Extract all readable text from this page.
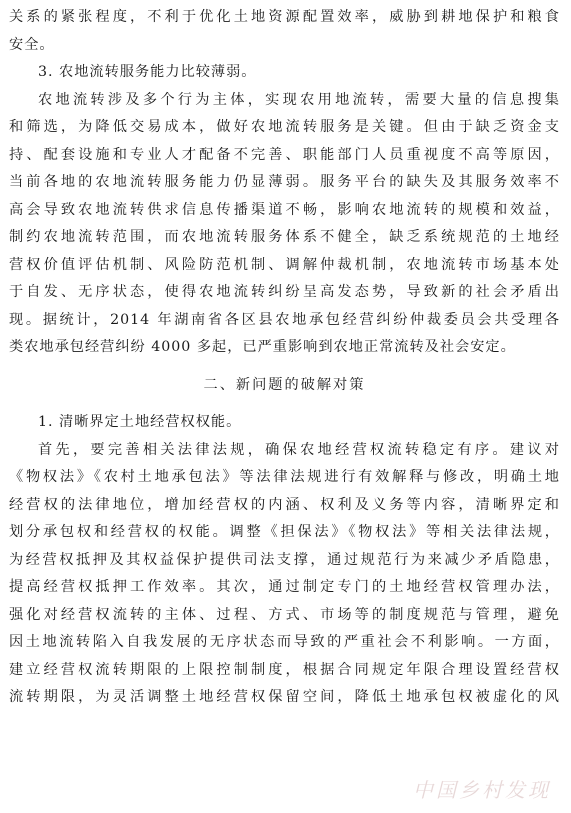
关系的紧张程度，不利于优化土地资源配置效率，威胁到耕地保护和粮食
安全。
3. 农地流转服务能力比较薄弱。
农地流转涉及多个行为主体，实现农用地流转，需要大量的信息搜集
和筛选，为降低交易成本，做好农地流转服务是关键。但由于缺乏资金支
持、配套设施和专业人才配备不完善、职能部门人员重视度不高等原因，
当前各地的农地流转服务能力仍显薄弱。服务平台的缺失及其服务效率不
高会导致农地流转供求信息传播渠道不畅，影响农地流转的规模和效益，
制约农地流转范围，而农地流转服务体系不健全，缺乏系统规范的土地经
营权价值评估机制、风险防范机制、调解仲裁机制，农地流转市场基本处
于自发、无序状态，使得农地流转纠纷呈高发态势，导致新的社会矛盾出
现。据统计，2014 年湖南省各区县农地承包经营纠纷仲裁委员会共受理各
类农地承包经营纠纷 4000 多起，已严重影响到农地正常流转及社会安定。
二、新问题的破解对策
1. 清晰界定土地经营权权能。
首先，要完善相关法律法规，确保农地经营权流转稳定有序。建议对
《物权法》《农村土地承包法》等法律法规进行有效解释与修改，明确土地
经营权的法律地位，增加经营权的内涵、权利及义务等内容，清晰界定和
划分承包权和经营权的权能。调整《担保法》《物权法》等相关法律法规，
为经营权抵押及其权益保护提供司法支撑，通过规范行为来减少矛盾隐患，
提高经营权抵押工作效率。其次，通过制定专门的土地经营权管理办法，
强化对经营权流转的主体、过程、方式、市场等的制度规范与管理，避免
因土地流转陷入自我发展的无序状态而导致的严重社会不利影响。一方面，
建立经营权流转期限的上限控制制度，根据合同规定年限合理设置经营权
流转期限，为灵活调整土地经营权保留空间，降低土地承包权被虚化的风
中国乡村发现
